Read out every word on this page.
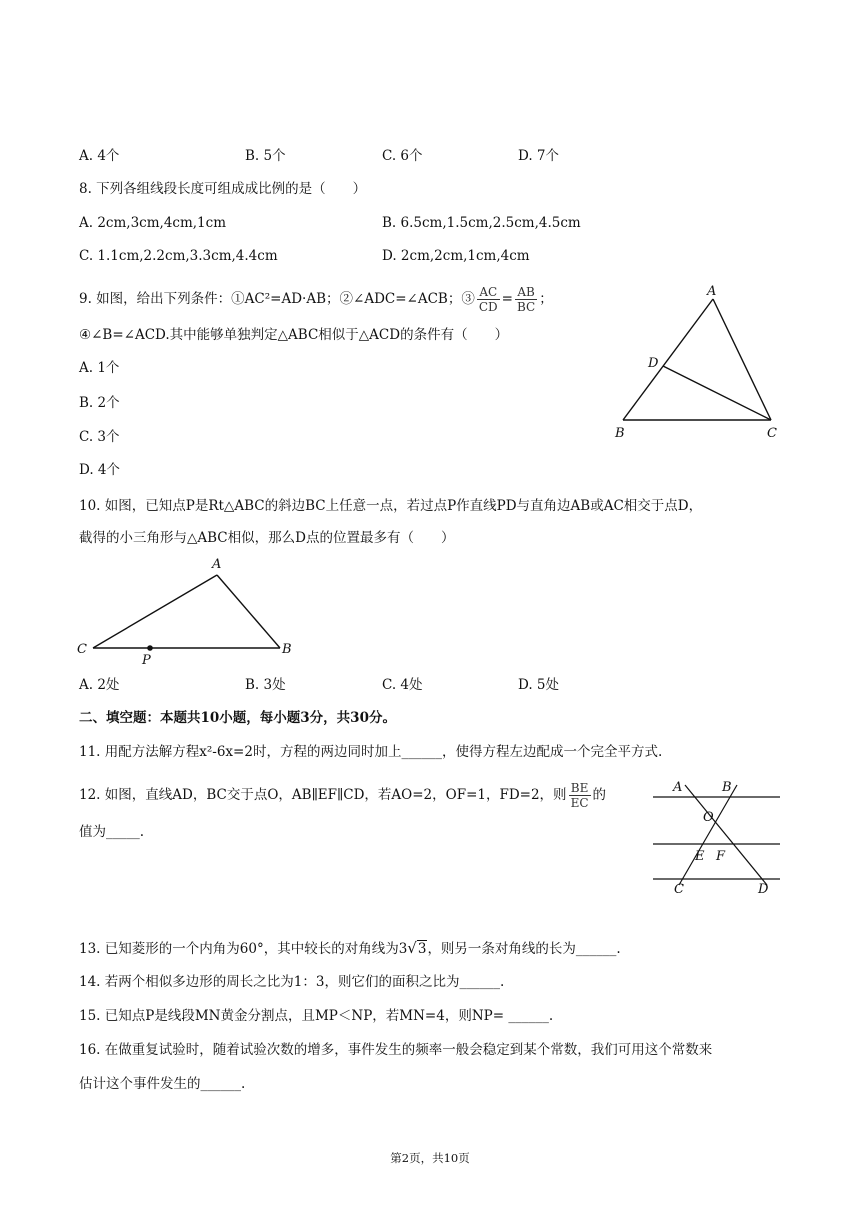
A. 4个	B. 5个	C. 6个	D. 7个
8. 下列各组线段长度可组成成比例的是（　　）
A. 2cm,3cm,4cm,1cm	B. 6.5cm,1.5cm,2.5cm,4.5cm
C. 1.1cm,2.2cm,3.3cm,4.4cm	D. 2cm,2cm,1cm,4cm
9. 如图，给出下列条件：①AC²=AD·AB；②∠ADC=∠ACB；③ $\frac{AC}{CD} = \frac{AB}{BC}$ ；
④∠B=∠ACD.其中能够单独判定△ABC相似于△ACD的条件有（　　）
A. 1个
B. 2个
C. 3个
D. 4个
A
D
B	C
10. 如图，已知点P是Rt△ABC的斜边BC上任意一点，若过点P作直线PD与直角边AB或AC相交于点D，
截得的小三角形与△ABC相似，那么D点的位置最多有（　　）
A
C
P
B
A. 2处	B. 3处	C. 4处	D. 5处
二、填空题：本题共10小题，每小题3分，共30分。
11. 用配方法解方程x²-6x=2时，方程的两边同时加上______，使得方程左边配成一个完全平方式.
12. 如图，直线AD，BC交于点O，AB∥EF∥CD，若AO=2，OF=1，FD=2，则 $\frac{BE}{EC}$ 的
值为_____.
A	B
O
E F
C	D
13. 已知菱形的一个内角为60°，其中较长的对角线为3√3，则另一条对角线的长为______.
14. 若两个相似多边形的周长之比为1：3，则它们的面积之比为______.
15. 已知点P是线段MN黄金分割点，且MP＜NP，若MN=4，则NP= ______.
16. 在做重复试验时，随着试验次数的增多，事件发生的频率一般会稳定到某个常数，我们可用这个常数来
估计这个事件发生的______.
第2页，共10页
